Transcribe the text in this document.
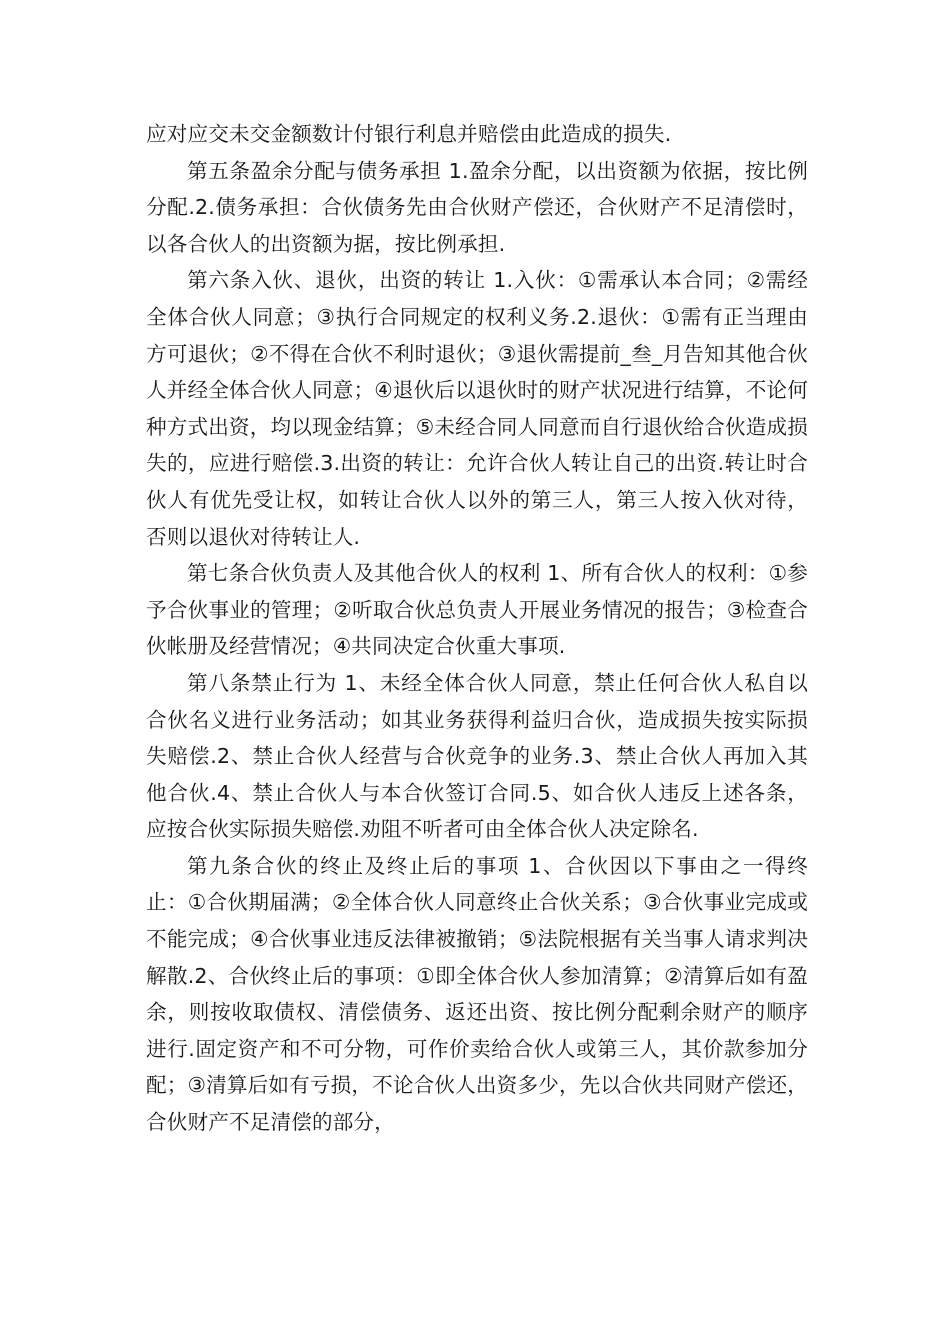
应对应交未交金额数计付银行利息并赔偿由此造成的损失.

第五条盈余分配与债务承担 1.盈余分配，以出资额为依据，按比例分配.2.债务承担：合伙债务先由合伙财产偿还，合伙财产不足清偿时，以各合伙人的出资额为据，按比例承担.

第六条入伙、退伙，出资的转让 1.入伙：①需承认本合同；②需经全体合伙人同意；③执行合同规定的权利义务.2.退伙：①需有正当理由方可退伙；②不得在合伙不利时退伙；③退伙需提前_叁_月告知其他合伙人并经全体合伙人同意；④退伙后以退伙时的财产状况进行结算，不论何种方式出资，均以现金结算；⑤未经合同人同意而自行退伙给合伙造成损失的，应进行赔偿.3.出资的转让：允许合伙人转让自己的出资.转让时合伙人有优先受让权，如转让合伙人以外的第三人，第三人按入伙对待，否则以退伙对待转让人.

第七条合伙负责人及其他合伙人的权利 1、所有合伙人的权利：①参予合伙事业的管理；②听取合伙总负责人开展业务情况的报告；③检查合伙帐册及经营情况；④共同决定合伙重大事项.

第八条禁止行为 1、未经全体合伙人同意，禁止任何合伙人私自以合伙名义进行业务活动；如其业务获得利益归合伙，造成损失按实际损失赔偿.2、禁止合伙人经营与合伙竞争的业务.3、禁止合伙人再加入其他合伙.4、禁止合伙人与本合伙签订合同.5、如合伙人违反上述各条，应按合伙实际损失赔偿.劝阻不听者可由全体合伙人决定除名.

第九条合伙的终止及终止后的事项 1、合伙因以下事由之一得终止：①合伙期届满；②全体合伙人同意终止合伙关系；③合伙事业完成或不能完成；④合伙事业违反法律被撤销；⑤法院根据有关当事人请求判决解散.2、合伙终止后的事项：①即全体合伙人参加清算；②清算后如有盈余，则按收取债权、清偿债务、返还出资、按比例分配剩余财产的顺序进行.固定资产和不可分物，可作价卖给合伙人或第三人，其价款参加分配；③清算后如有亏损，不论合伙人出资多少，先以合伙共同财产偿还，合伙财产不足清偿的部分，
